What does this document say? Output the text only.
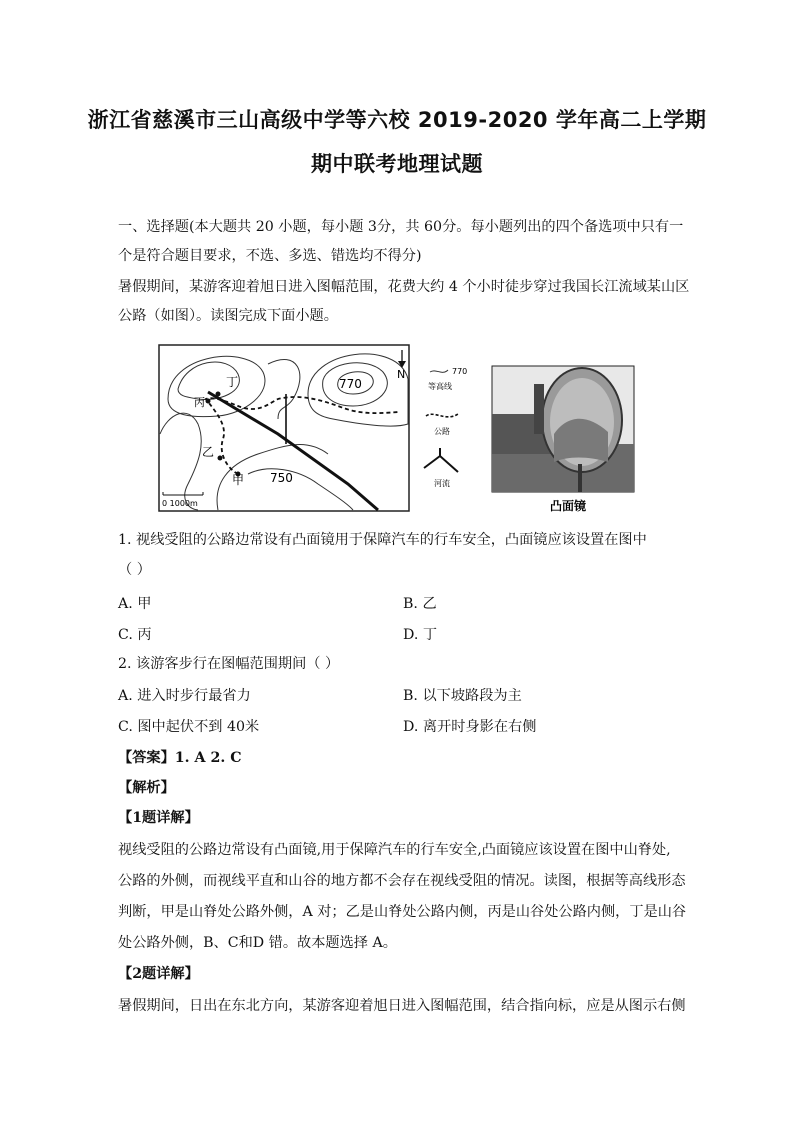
浙江省慈溪市三山高级中学等六校 2019-2020 学年高二上学期
期中联考地理试题
一、选择题(本大题共 20 小题，每小题 3分，共 60分。每小题列出的四个备选项中只有一
个是符合题目要求，不选、多选、错选均不得分)
暑假期间，某游客迎着旭日进入图幅范围，花费大约 4 个小时徒步穿过我国长江流域某山区
公路（如图）。读图完成下面小题。
丁
丙
乙
甲
770
750
N
0 1000m
770
等高线
公路
河流
凸面镜
1. 视线受阻的公路边常设有凸面镜用于保障汽车的行车安全，凸面镜应该设置在图中
（ ）
A. 甲	B. 乙
C. 丙	D. 丁
2. 该游客步行在图幅范围期间（ ）
A. 进入时步行最省力	B. 以下坡路段为主
C. 图中起伏不到 40米	D. 离开时身影在右侧
【答案】1. A 2. C
【解析】
【1题详解】
视线受阻的公路边常设有凸面镜,用于保障汽车的行车安全,凸面镜应该设置在图中山脊处,
公路的外侧，而视线平直和山谷的地方都不会存在视线受阻的情况。读图，根据等高线形态
判断，甲是山脊处公路外侧，A 对；乙是山脊处公路内侧，丙是山谷处公路内侧，丁是山谷
处公路外侧，B、C和D 错。故本题选择 A。
【2题详解】
暑假期间，日出在东北方向，某游客迎着旭日进入图幅范围，结合指向标，应是从图示右侧
